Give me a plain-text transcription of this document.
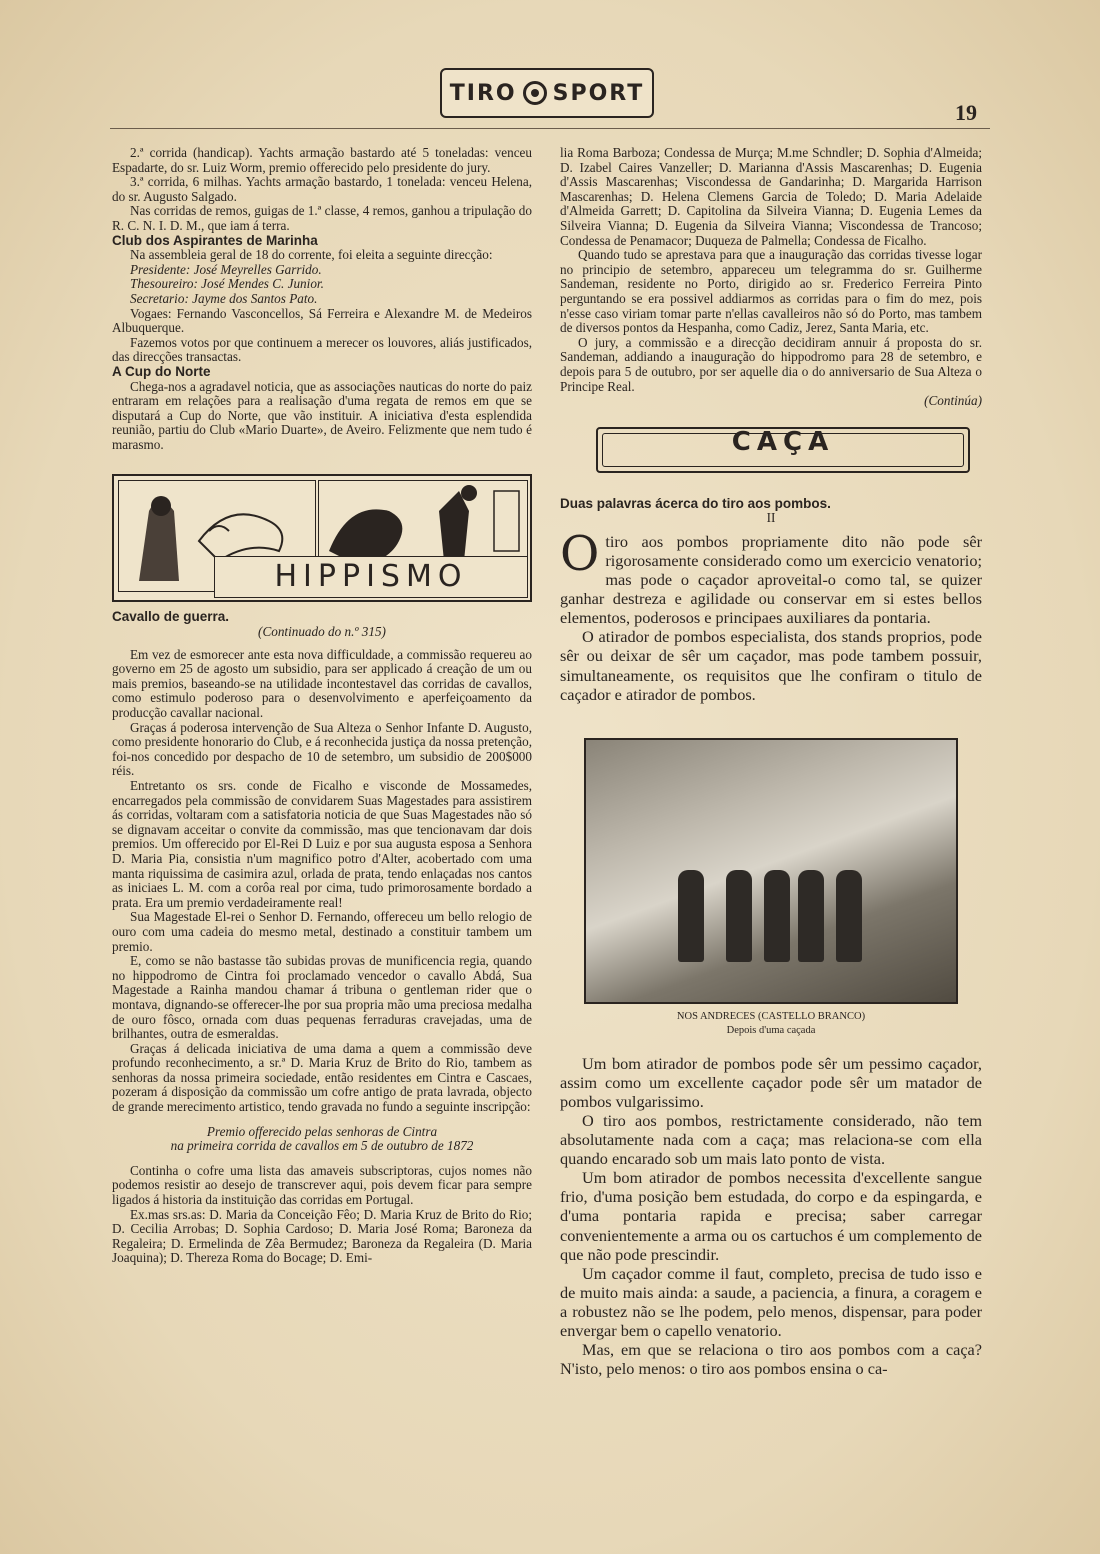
TIRO SPORT
19

2.ª corrida (handicap). Yachts armação bastardo até 5 toneladas: venceu Espadarte, do sr. Luiz Worm, premio offerecido pelo presidente do jury.

3.ª corrida, 6 milhas. Yachts armação bastardo, 1 tonelada: venceu Helena, do sr. Augusto Salgado.

Nas corridas de remos, guigas de 1.ª classe, 4 remos, ganhou a tripulação do R. C. N. I. D. M., que iam á terra.

Club dos Aspirantes de Marinha

Na assembleia geral de 18 do corrente, foi eleita a seguinte direcção:

Presidente: José Meyrelles Garrido.

Thesoureiro: José Mendes C. Junior.

Secretario: Jayme dos Santos Pato.

Vogaes: Fernando Vasconcellos, Sá Ferreira e Alexandre M. de Medeiros Albuquerque.

Fazemos votos por que continuem a merecer os louvores, aliás justificados, das direcções transactas.

A Cup do Norte

Chega-nos a agradavel noticia, que as associações nauticas do norte do paiz entraram em relações para a realisação d'uma regata de remos em que se disputará a Cup do Norte, que vão instituir. A iniciativa d'esta esplendida reunião, partiu do Club «Mario Duarte», de Aveiro. Felizmente que nem tudo é marasmo.

HIPPISMO

Cavallo de guerra.

(Continuado do n.º 315)

Em vez de esmorecer ante esta nova difficuldade, a commissão requereu ao governo em 25 de agosto um subsidio, para ser applicado á creação de um ou mais premios, baseando-se na utilidade incontestavel das corridas de cavallos, como estimulo poderoso para o desenvolvimento e aperfeiçoamento da producção cavallar nacional.

Graças á poderosa intervenção de Sua Alteza o Senhor Infante D. Augusto, como presidente honorario do Club, e á reconhecida justiça da nossa pretenção, foi-nos concedido por despacho de 10 de setembro, um subsidio de 200$000 réis.

Entretanto os srs. conde de Ficalho e visconde de Mossamedes, encarregados pela commissão de convidarem Suas Magestades para assistirem ás corridas, voltaram com a satisfatoria noticia de que Suas Magestades não só se dignavam acceitar o convite da commissão, mas que tencionavam dar dois premios. Um offerecido por El-Rei D Luiz e por sua augusta esposa a Senhora D. Maria Pia, consistia n'um magnifico potro d'Alter, acobertado com uma manta riquissima de casimira azul, orlada de prata, tendo enlaçadas nos cantos as iniciaes L. M. com a corôa real por cima, tudo primorosamente bordado a prata. Era um premio verdadeiramente real!

Sua Magestade El-rei o Senhor D. Fernando, offereceu um bello relogio de ouro com uma cadeia do mesmo metal, destinado a constituir tambem um premio.

E, como se não bastasse tão subidas provas de munificencia regia, quando no hippodromo de Cintra foi proclamado vencedor o cavallo Abdá, Sua Magestade a Rainha mandou chamar á tribuna o gentleman rider que o montava, dignando-se offerecer-lhe por sua propria mão uma preciosa medalha de ouro fôsco, ornada com duas pequenas ferraduras cravejadas, uma de brilhantes, outra de esmeraldas.

Graças á delicada iniciativa de uma dama a quem a commissão deve profundo reconhecimento, a sr.ª D. Maria Kruz de Brito do Rio, tambem as senhoras da nossa primeira sociedade, então residentes em Cintra e Cascaes, pozeram á disposição da commissão um cofre antigo de prata lavrada, objecto de grande merecimento artistico, tendo gravada no fundo a seguinte inscripção:

Premio offerecido pelas senhoras de Cintra
na primeira corrida de cavallos em 5 de outubro de 1872

Continha o cofre uma lista das amaveis subscriptoras, cujos nomes não podemos resistir ao desejo de transcrever aqui, pois devem ficar para sempre ligados á historia da instituição das corridas em Portugal.

Ex.mas srs.as: D. Maria da Conceição Fêo; D. Maria Kruz de Brito do Rio; D. Cecilia Arrobas; D. Sophia Cardoso; D. Maria José Roma; Baroneza da Regaleira; D. Ermelinda de Zêa Bermudez; Baroneza da Regaleira (D. Maria Joaquina); D. Thereza Roma do Bocage; D. Emi-

lia Roma Barboza; Condessa de Murça; M.me Schndler; D. Sophia d'Almeida; D. Izabel Caires Vanzeller; D. Marianna d'Assis Mascarenhas; D. Eugenia d'Assis Mascarenhas; Viscondessa de Gandarinha; D. Margarida Harrison Mascarenhas; D. Helena Clemens Garcia de Toledo; D. Maria Adelaide d'Almeida Garrett; D. Capitolina da Silveira Vianna; D. Eugenia Lemes da Silveira Vianna; D. Eugenia da Silveira Vianna; Viscondessa de Trancoso; Condessa de Penamacor; Duqueza de Palmella; Condessa de Ficalho.

Quando tudo se aprestava para que a inauguração das corridas tivesse logar no principio de setembro, appareceu um telegramma do sr. Guilherme Sandeman, residente no Porto, dirigido ao sr. Frederico Ferreira Pinto perguntando se era possivel addiarmos as corridas para o fim do mez, pois n'esse caso viriam tomar parte n'ellas cavalleiros não só do Porto, mas tambem de diversos pontos da Hespanha, como Cadiz, Jerez, Santa Maria, etc.

O jury, a commissão e a direcção decidiram annuir á proposta do sr. Sandeman, addiando a inauguração do hippodromo para 28 de setembro, e depois para 5 de outubro, por ser aquelle dia o do anniversario de Sua Alteza o Principe Real.

(Continúa)

CAÇA

Duas palavras ácerca do tiro aos pombos.

II

Otiro aos pombos propriamente dito não pode sêr rigorosamente considerado como um exercicio venatorio; mas pode o caçador aproveital-o como tal, se quizer ganhar destreza e agilidade ou conservar em si estes bellos elementos, poderosos e principaes auxiliares da pontaria.

O atirador de pombos especialista, dos stands proprios, pode sêr ou deixar de sêr um caçador, mas pode tambem possuir, simultaneamente, os requisitos que lhe confiram o titulo de caçador e atirador de pombos.

NOS ANDRECES (CASTELLO BRANCO)

Depois d'uma caçada

Um bom atirador de pombos pode sêr um pessimo caçador, assim como um excellente caçador pode sêr um matador de pombos vulgarissimo.

O tiro aos pombos, restrictamente considerado, não tem absolutamente nada com a caça; mas relaciona-se com ella quando encarado sob um mais lato ponto de vista.

Um bom atirador de pombos necessita d'excellente sangue frio, d'uma posição bem estudada, do corpo e da espingarda, e d'uma pontaria rapida e precisa; saber carregar convenientemente a arma ou os cartuchos é um complemento de que não pode prescindir.

Um caçador comme il faut, completo, precisa de tudo isso e de muito mais ainda: a saude, a paciencia, a finura, a coragem e a robustez não se lhe podem, pelo menos, dispensar, para poder envergar bem o capello venatorio.

Mas, em que se relaciona o tiro aos pombos com a caça? N'isto, pelo menos: o tiro aos pombos ensina o ca-
